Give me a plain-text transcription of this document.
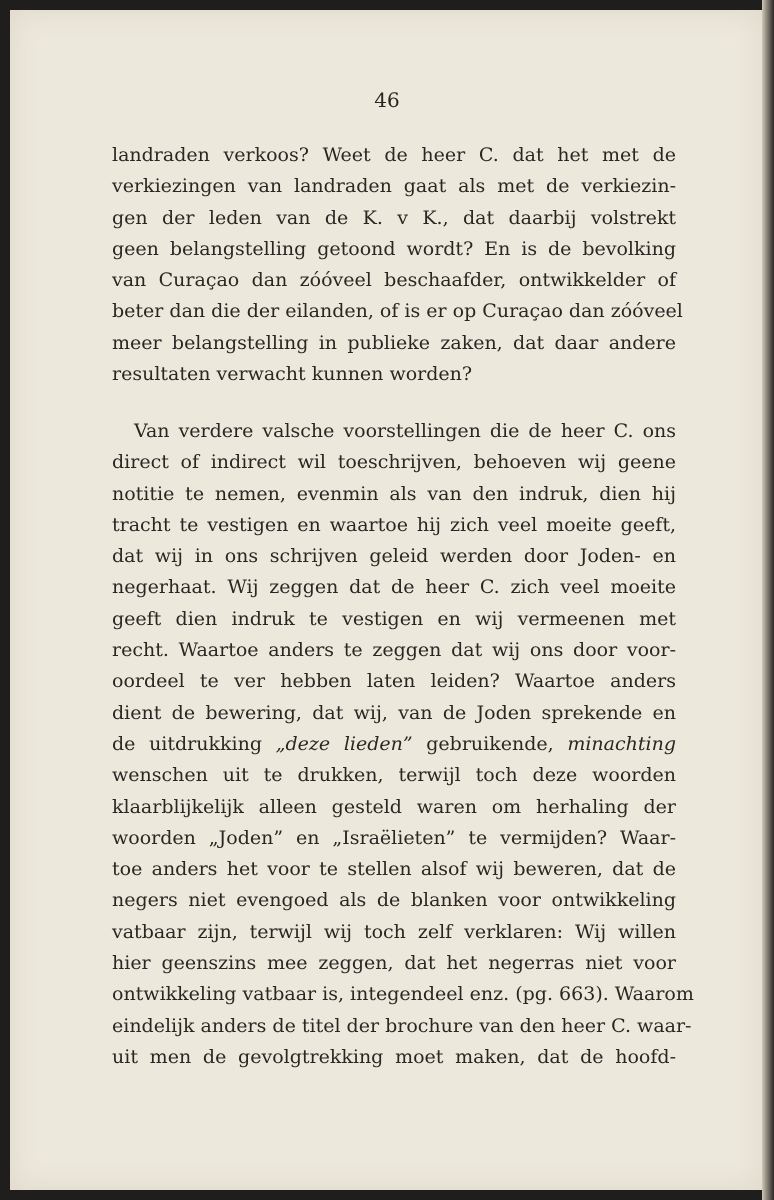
46
landraden verkoos? Weet de heer C. dat het met de
verkiezingen van landraden gaat als met de verkiezin-
gen der leden van de K. v K., dat daarbij volstrekt
geen belangstelling getoond wordt? En is de bevolking
van Curaçao dan zóóveel beschaafder, ontwikkelder of
beter dan die der eilanden, of is er op Curaçao dan zóóveel
meer belangstelling in publieke zaken, dat daar andere
resultaten verwacht kunnen worden?
Van verdere valsche voorstellingen die de heer C. ons
direct of indirect wil toeschrijven, behoeven wij geene
notitie te nemen, evenmin als van den indruk, dien hij
tracht te vestigen en waartoe hij zich veel moeite geeft,
dat wij in ons schrijven geleid werden door Joden- en
negerhaat. Wij zeggen dat de heer C. zich veel moeite
geeft dien indruk te vestigen en wij vermeenen met
recht. Waartoe anders te zeggen dat wij ons door voor-
oordeel te ver hebben laten leiden? Waartoe anders
dient de bewering, dat wij, van de Joden sprekende en
de uitdrukking „deze lieden” gebruikende, minachting
wenschen uit te drukken, terwijl toch deze woorden
klaarblijkelijk alleen gesteld waren om herhaling der
woorden „Joden” en „Israëlieten” te vermijden? Waar-
toe anders het voor te stellen alsof wij beweren, dat de
negers niet evengoed als de blanken voor ontwikkeling
vatbaar zijn, terwijl wij toch zelf verklaren: Wij willen
hier geenszins mee zeggen, dat het negerras niet voor
ontwikkeling vatbaar is, integendeel enz. (pg. 663). Waarom
eindelijk anders de titel der brochure van den heer C. waar-
uit men de gevolgtrekking moet maken, dat de hoofd-
